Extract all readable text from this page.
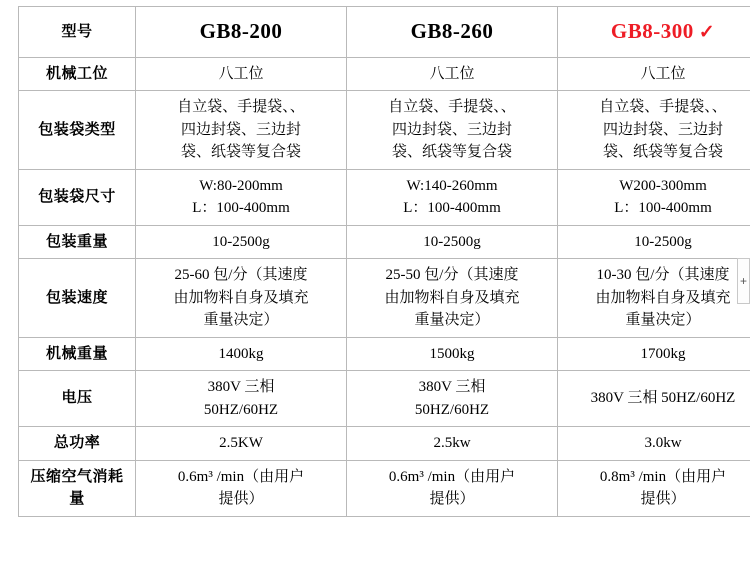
型号	GB8-200	GB8-260	GB8-300 ✓
机械工位	八工位	八工位	八工位

包装袋类型	自立袋、手提袋、、
四边封袋、三边封
袋、纸袋等复合袋	自立袋、手提袋、、
四边封袋、三边封
袋、纸袋等复合袋	自立袋、手提袋、、
四边封袋、三边封
袋、纸袋等复合袋

包装袋尺寸	W:80-200mm
L：100-400mm	W:140-260mm
L：100-400mm	W200-300mm
L：100-400mm

包装重量	10-2500g	10-2500g	10-2500g

包装速度	25-60 包/分（其速度
由加物料自身及填充
重量决定）	25-50 包/分（其速度
由加物料自身及填充
重量决定）	10-30 包/分（其速度
由加物料自身及填充
重量决定）

机械重量	1400kg	1500kg	1700kg

电压	380V 三相
50HZ/60HZ	380V 三相
50HZ/60HZ	380V 三相 50HZ/60HZ

总功率	2.5KW	2.5kw	3.0kw

压缩空气消耗量	0.6m³ /min（由用户
提供）	0.6m³ /min（由用户
提供）	0.8m³ /min（由用户
提供）
+
